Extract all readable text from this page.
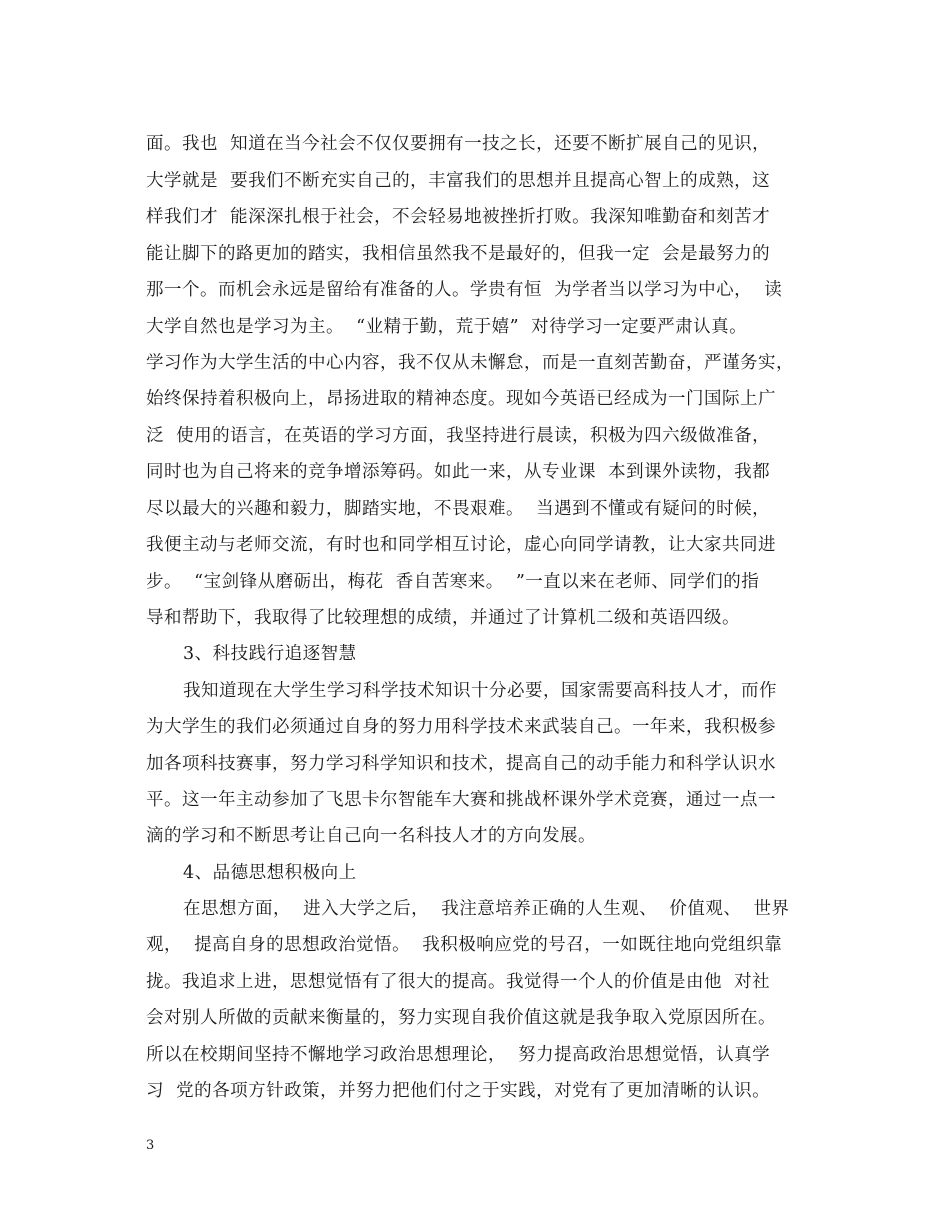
面。我也  知道在当今社会不仅仅要拥有一技之长，还要不断扩展自己的见识，
大学就是  要我们不断充实自己的，丰富我们的思想并且提高心智上的成熟，这
样我们才  能深深扎根于社会，不会轻易地被挫折打败。我深知唯勤奋和刻苦才
能让脚下的路更加的踏实，我相信虽然我不是最好的，但我一定  会是最努力的
那一个。而机会永远是留给有准备的人。学贵有恒  为学者当以学习为中心，  读
大学自然也是学习为主。  “业精于勤，荒于嬉”  对待学习一定要严肃认真。
学习作为大学生活的中心内容，我不仅从未懈怠，而是一直刻苦勤奋，严谨务实，
始终保持着积极向上，昂扬进取的精神态度。现如今英语已经成为一门国际上广
泛  使用的语言，在英语的学习方面，我坚持进行晨读，积极为四六级做准备，
同时也为自己将来的竞争增添筹码。如此一来，从专业课  本到课外读物，我都
尽以最大的兴趣和毅力，脚踏实地，不畏艰难。  当遇到不懂或有疑问的时候，
我便主动与老师交流，有时也和同学相互讨论，虚心向同学请教，让大家共同进
步。  “宝剑锋从磨砺出，梅花  香自苦寒来。  ”一直以来在老师、同学们的指
导和帮助下，我取得了比较理想的成绩，并通过了计算机二级和英语四级。
3、科技践行追逐智慧
我知道现在大学生学习科学技术知识十分必要，国家需要高科技人才，而作
为大学生的我们必须通过自身的努力用科学技术来武装自己。一年来，我积极参
加各项科技赛事，努力学习科学知识和技术，提高自己的动手能力和科学认识水
平。这一年主动参加了飞思卡尔智能车大赛和挑战杯课外学术竞赛，通过一点一
滴的学习和不断思考让自己向一名科技人才的方向发展。
4、品德思想积极向上
在思想方面，  进入大学之后，  我注意培养正确的人生观、  价值观、  世界
观，  提高自身的思想政治觉悟。  我积极响应党的号召，一如既往地向党组织靠
拢。我追求上进，思想觉悟有了很大的提高。我觉得一个人的价值是由他  对社
会对别人所做的贡献来衡量的，努力实现自我价值这就是我争取入党原因所在。
所以在校期间坚持不懈地学习政治思想理论，  努力提高政治思想觉悟，认真学
习  党的各项方针政策，并努力把他们付之于实践，对党有了更加清晰的认识。
3
